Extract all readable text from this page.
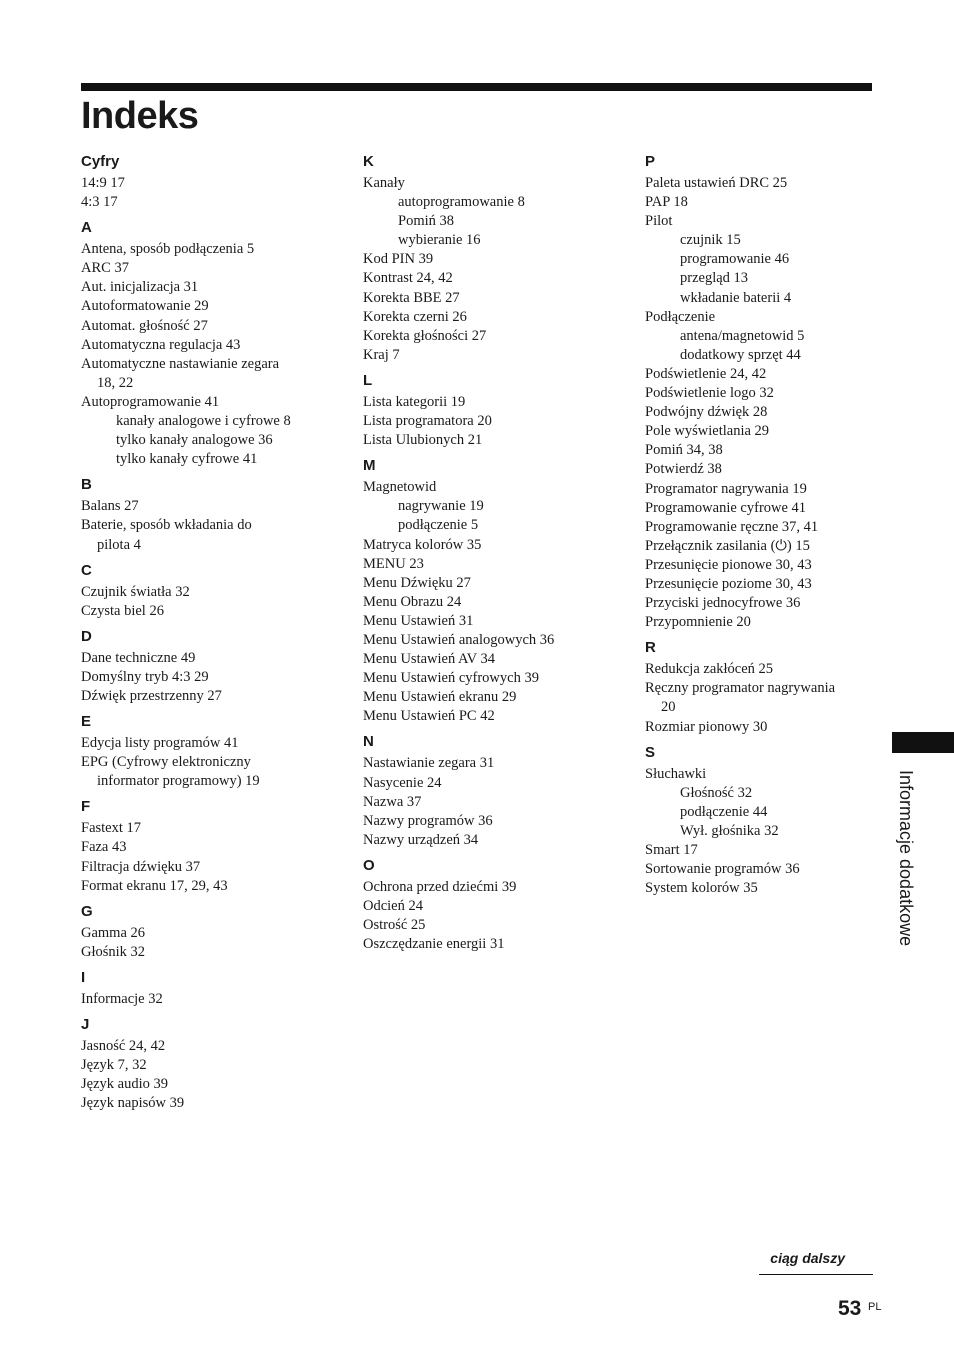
Indeks
Cyfry
14:9 17
4:3 17
A
Antena, sposób podłączenia 5
ARC 37
Aut. inicjalizacja 31
Autoformatowanie 29
Automat. głośność 27
Automatyczna regulacja 43
Automatyczne nastawianie zegara
18, 22
Autoprogramowanie 41
kanały analogowe i cyfrowe 8
tylko kanały analogowe 36
tylko kanały cyfrowe 41
B
Balans 27
Baterie, sposób wkładania do
pilota 4
C
Czujnik światła 32
Czysta biel 26
D
Dane techniczne 49
Domyślny tryb 4:3 29
Dźwięk przestrzenny 27
E
Edycja listy programów 41
EPG (Cyfrowy elektroniczny
informator programowy) 19
F
Fastext 17
Faza 43
Filtracja dźwięku 37
Format ekranu 17, 29, 43
G
Gamma 26
Głośnik 32
I
Informacje 32
J
Jasność 24, 42
Język 7, 32
Język audio 39
Język napisów 39
K
Kanały
autoprogramowanie 8
Pomiń 38
wybieranie 16
Kod PIN 39
Kontrast 24, 42
Korekta BBE 27
Korekta czerni 26
Korekta głośności 27
Kraj 7
L
Lista kategorii 19
Lista programatora 20
Lista Ulubionych 21
M
Magnetowid
nagrywanie 19
podłączenie 5
Matryca kolorów 35
MENU 23
Menu Dźwięku 27
Menu Obrazu 24
Menu Ustawień 31
Menu Ustawień analogowych 36
Menu Ustawień AV 34
Menu Ustawień cyfrowych 39
Menu Ustawień ekranu 29
Menu Ustawień PC 42
N
Nastawianie zegara 31
Nasycenie 24
Nazwa 37
Nazwy programów 36
Nazwy urządzeń 34
O
Ochrona przed dziećmi 39
Odcień 24
Ostrość 25
Oszczędzanie energii 31
P
Paleta ustawień DRC 25
PAP 18
Pilot
czujnik 15
programowanie 46
przegląd 13
wkładanie baterii 4
Podłączenie
antena/magnetowid 5
dodatkowy sprzęt 44
Podświetlenie 24, 42
Podświetlenie logo 32
Podwójny dźwięk 28
Pole wyświetlania 29
Pomiń 34, 38
Potwierdź 38
Programator nagrywania 19
Programowanie cyfrowe 41
Programowanie ręczne 37, 41
Przełącznik zasilania (⏻) 15
Przesunięcie pionowe 30, 43
Przesunięcie poziome 30, 43
Przyciski jednocyfrowe 36
Przypomnienie 20
R
Redukcja zakłóceń 25
Ręczny programator nagrywania
20
Rozmiar pionowy 30
S
Słuchawki
Głośność 32
podłączenie 44
Wył. głośnika 32
Smart 17
Sortowanie programów 36
System kolorów 35	Informacje dodatkowe
ciąg dalszy
53 PL
